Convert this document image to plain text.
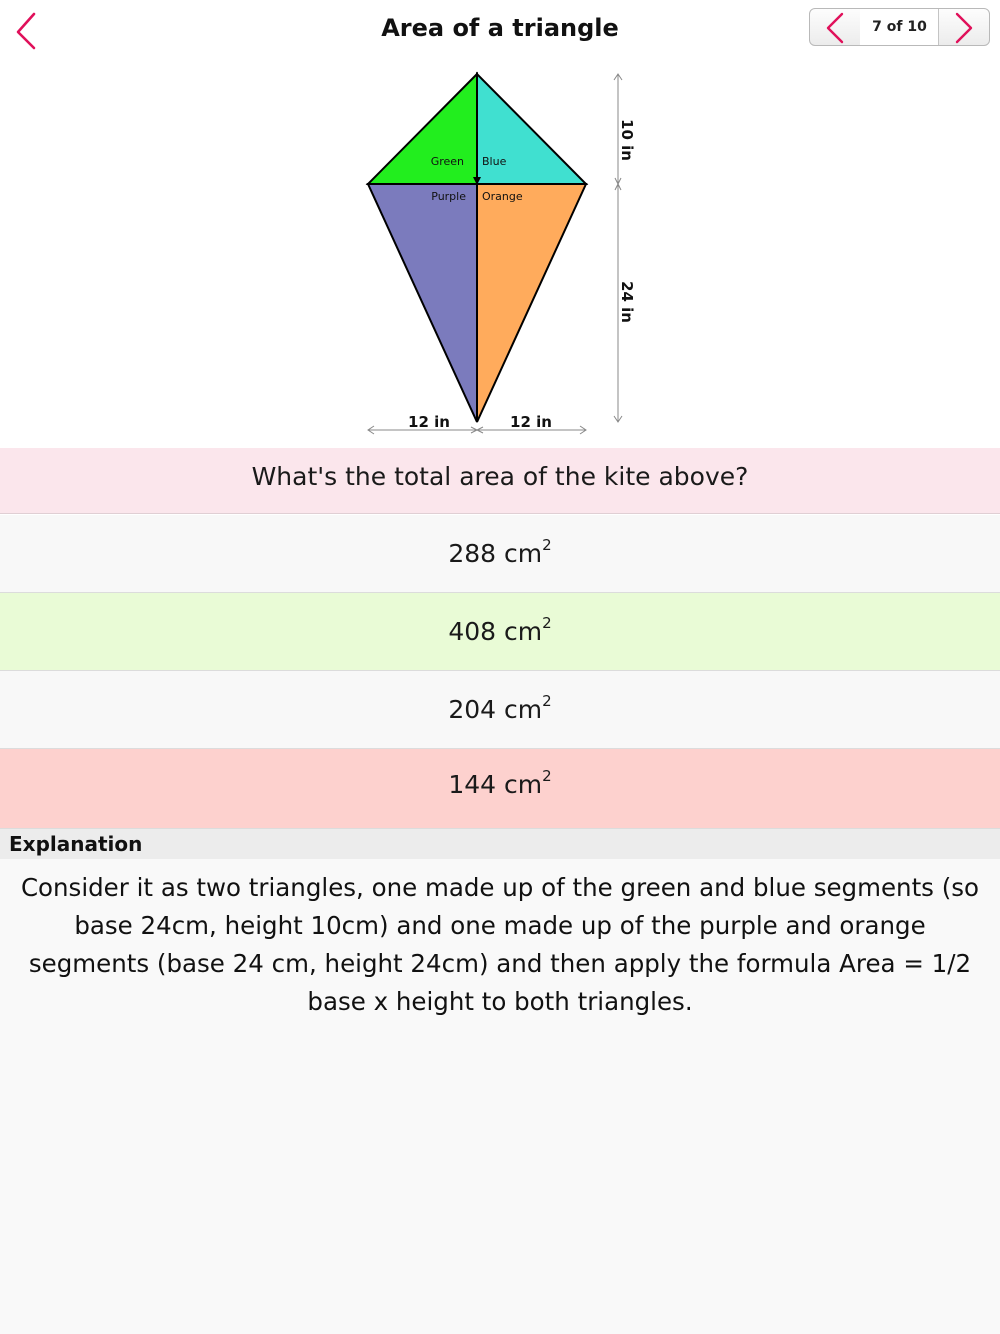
Area of a triangle	7 of 10
Green Blue
Purple Orange
10 in
24 in
12 in	12 in
What's the total area of the kite above?
288 $cm^2$
408 $cm^2$
204 $cm^2$
144 $cm^2$
Explanation
Consider it as two triangles, one made up of the green and blue segments (so base 24cm, height 10cm) and one made up of the purple and orange segments (base 24 cm, height 24cm) and then apply the formula Area = 1/2 base x height to both triangles.
